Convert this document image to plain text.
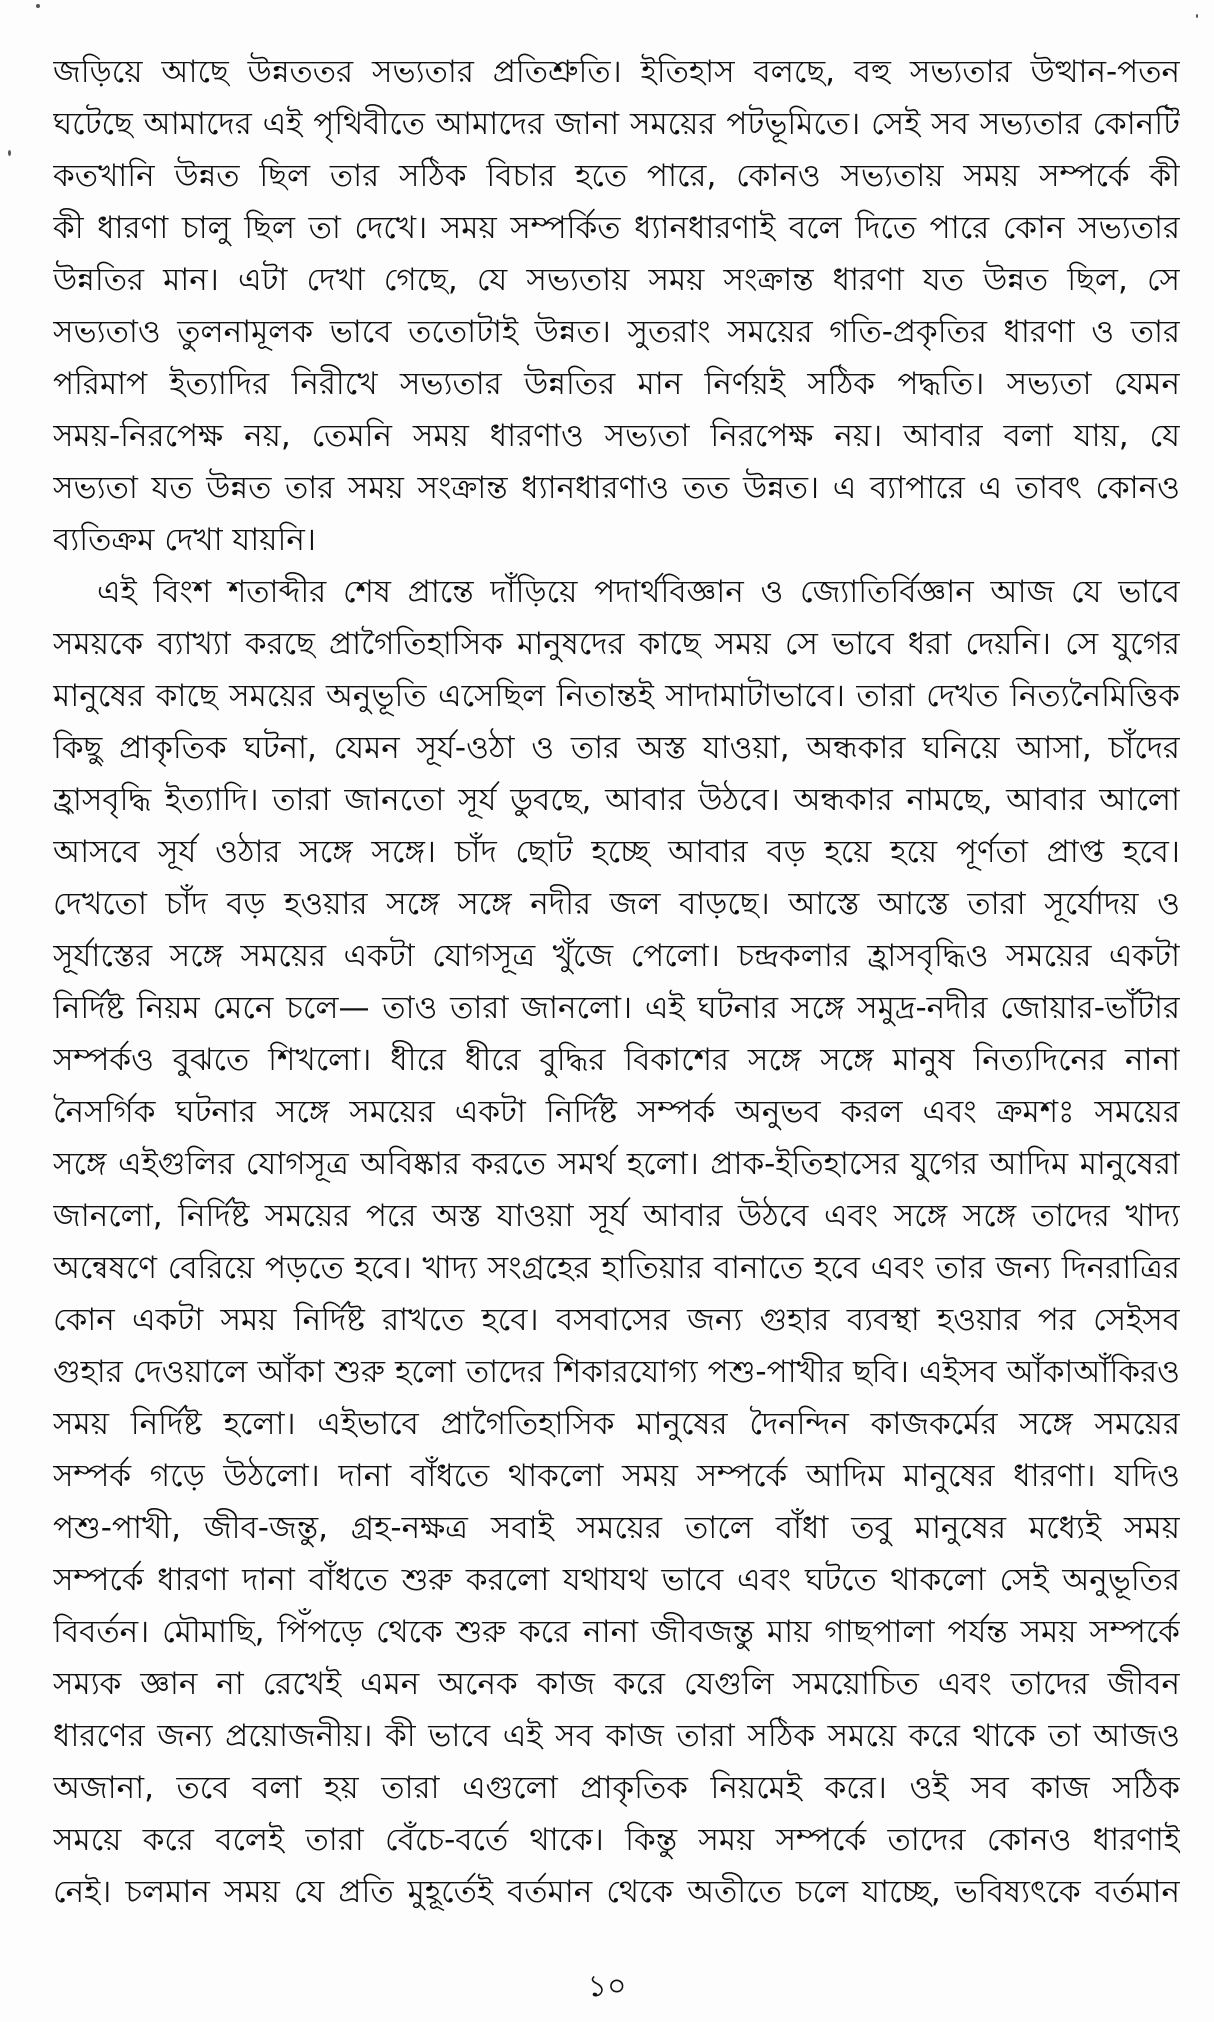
জড়িয়ে আছে উন্নততর সভ্যতার প্রতিশ্রুতি। ইতিহাস বলছে, বহু সভ্যতার উত্থান-পতন
ঘটেছে আমাদের এই পৃথিবীতে আমাদের জানা সময়ের পটভূমিতে। সেই সব সভ্যতার কোনটি
কতখানি উন্নত ছিল তার সঠিক বিচার হতে পারে, কোনও সভ্যতায় সময় সম্পর্কে কী
কী ধারণা চালু ছিল তা দেখে। সময় সম্পর্কিত ধ্যানধারণাই বলে দিতে পারে কোন সভ্যতার
উন্নতির মান। এটা দেখা গেছে, যে সভ্যতায় সময় সংক্রান্ত ধারণা যত উন্নত ছিল, সে
সভ্যতাও তুলনামূলক ভাবে ততোটাই উন্নত। সুতরাং সময়ের গতি-প্রকৃতির ধারণা ও তার
পরিমাপ ইত্যাদির নিরীখে সভ্যতার উন্নতির মান নির্ণয়ই সঠিক পদ্ধতি। সভ্যতা যেমন
সময়-নিরপেক্ষ নয়, তেমনি সময় ধারণাও সভ্যতা নিরপেক্ষ নয়। আবার বলা যায়, যে
সভ্যতা যত উন্নত তার সময় সংক্রান্ত ধ্যানধারণাও তত উন্নত। এ ব্যাপারে এ তাবৎ কোনও
ব্যতিক্রম দেখা যায়নি।
এই বিংশ শতাব্দীর শেষ প্রান্তে দাঁড়িয়ে পদার্থবিজ্ঞান ও জ্যোতির্বিজ্ঞান আজ যে ভাবে
সময়কে ব্যাখ্যা করছে প্রাগৈতিহাসিক মানুষদের কাছে সময় সে ভাবে ধরা দেয়নি। সে যুগের
মানুষের কাছে সময়ের অনুভূতি এসেছিল নিতান্তই সাদামাটাভাবে। তারা দেখত নিত্যনৈমিত্তিক
কিছু প্রাকৃতিক ঘটনা, যেমন সূর্য-ওঠা ও তার অস্ত যাওয়া, অন্ধকার ঘনিয়ে আসা, চাঁদের
হ্রাসবৃদ্ধি ইত্যাদি। তারা জানতো সূর্য ডুবছে, আবার উঠবে। অন্ধকার নামছে, আবার আলো
আসবে সূর্য ওঠার সঙ্গে সঙ্গে। চাঁদ ছোট হচ্ছে আবার বড় হয়ে হয়ে পূর্ণতা প্রাপ্ত হবে।
দেখতো চাঁদ বড় হওয়ার সঙ্গে সঙ্গে নদীর জল বাড়ছে। আস্তে আস্তে তারা সূর্যোদয় ও
সূর্যাস্তের সঙ্গে সময়ের একটা যোগসূত্র খুঁজে পেলো। চন্দ্রকলার হ্রাসবৃদ্ধিও সময়ের একটা
নির্দিষ্ট নিয়ম মেনে চলে— তাও তারা জানলো। এই ঘটনার সঙ্গে সমুদ্র-নদীর জোয়ার-ভাঁটার
সম্পর্কও বুঝতে শিখলো। ধীরে ধীরে বুদ্ধির বিকাশের সঙ্গে সঙ্গে মানুষ নিত্যদিনের নানা
নৈসর্গিক ঘটনার সঙ্গে সময়ের একটা নির্দিষ্ট সম্পর্ক অনুভব করল এবং ক্রমশঃ সময়ের
সঙ্গে এইগুলির যোগসূত্র অবিষ্কার করতে সমর্থ হলো। প্রাক-ইতিহাসের যুগের আদিম মানুষেরা
জানলো, নির্দিষ্ট সময়ের পরে অস্ত যাওয়া সূর্য আবার উঠবে এবং সঙ্গে সঙ্গে তাদের খাদ্য
অন্বেষণে বেরিয়ে পড়তে হবে। খাদ্য সংগ্রহের হাতিয়ার বানাতে হবে এবং তার জন্য দিনরাত্রির
কোন একটা সময় নির্দিষ্ট রাখতে হবে। বসবাসের জন্য গুহার ব্যবস্থা হওয়ার পর সেইসব
গুহার দেওয়ালে আঁকা শুরু হলো তাদের শিকারযোগ্য পশু-পাখীর ছবি। এইসব আঁকাআঁকিরও
সময় নির্দিষ্ট হলো। এইভাবে প্রাগৈতিহাসিক মানুষের দৈনন্দিন কাজকর্মের সঙ্গে সময়ের
সম্পর্ক গড়ে উঠলো। দানা বাঁধতে থাকলো সময় সম্পর্কে আদিম মানুষের ধারণা। যদিও
পশু-পাখী, জীব-জন্তু, গ্রহ-নক্ষত্র সবাই সময়ের তালে বাঁধা তবু মানুষের মধ্যেই সময়
সম্পর্কে ধারণা দানা বাঁধতে শুরু করলো যথাযথ ভাবে এবং ঘটতে থাকলো সেই অনুভূতির
বিবর্তন। মৌমাছি, পিঁপড়ে থেকে শুরু করে নানা জীবজন্তু মায় গাছপালা পর্যন্ত সময় সম্পর্কে
সম্যক জ্ঞান না রেখেই এমন অনেক কাজ করে যেগুলি সময়োচিত এবং তাদের জীবন
ধারণের জন্য প্রয়োজনীয়। কী ভাবে এই সব কাজ তারা সঠিক সময়ে করে থাকে তা আজও
অজানা, তবে বলা হয় তারা এগুলো প্রাকৃতিক নিয়মেই করে। ওই সব কাজ সঠিক
সময়ে করে বলেই তারা বেঁচে-বর্তে থাকে। কিন্তু সময় সম্পর্কে তাদের কোনও ধারণাই
নেই। চলমান সময় যে প্রতি মুহূর্তেই বর্তমান থেকে অতীতে চলে যাচ্ছে, ভবিষ্যৎকে বর্তমান
১০
